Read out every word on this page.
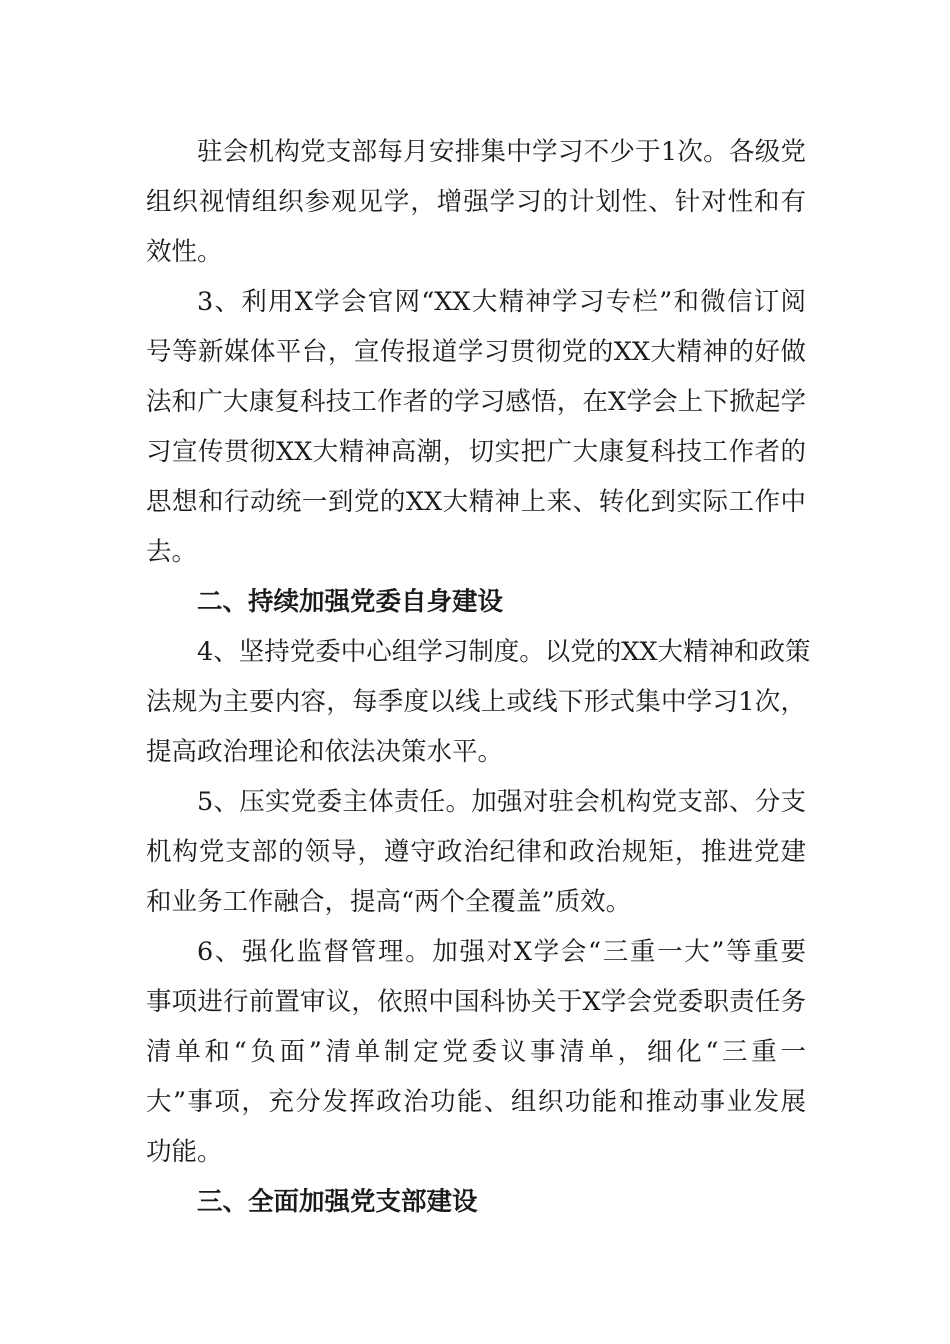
驻会机构党支部每月安排集中学习不少于1次。各级党
组织视情组织参观见学，增强学习的计划性、针对性和有
效性。
3、利用X学会官网“XX大精神学习专栏”和微信订阅
号等新媒体平台，宣传报道学习贯彻党的XX大精神的好做
法和广大康复科技工作者的学习感悟，在X学会上下掀起学
习宣传贯彻XX大精神高潮，切实把广大康复科技工作者的
思想和行动统一到党的XX大精神上来、转化到实际工作中
去。
二、持续加强党委自身建设
4、坚持党委中心组学习制度。以党的XX大精神和政策
法规为主要内容，每季度以线上或线下形式集中学习1次，
提高政治理论和依法决策水平。
5、压实党委主体责任。加强对驻会机构党支部、分支
机构党支部的领导，遵守政治纪律和政治规矩，推进党建
和业务工作融合，提高“两个全覆盖”质效。
6、强化监督管理。加强对X学会“三重一大”等重要
事项进行前置审议，依照中国科协关于X学会党委职责任务
清单和“负面”清单制定党委议事清单，细化“三重一
大”事项，充分发挥政治功能、组织功能和推动事业发展
功能。
三、全面加强党支部建设
